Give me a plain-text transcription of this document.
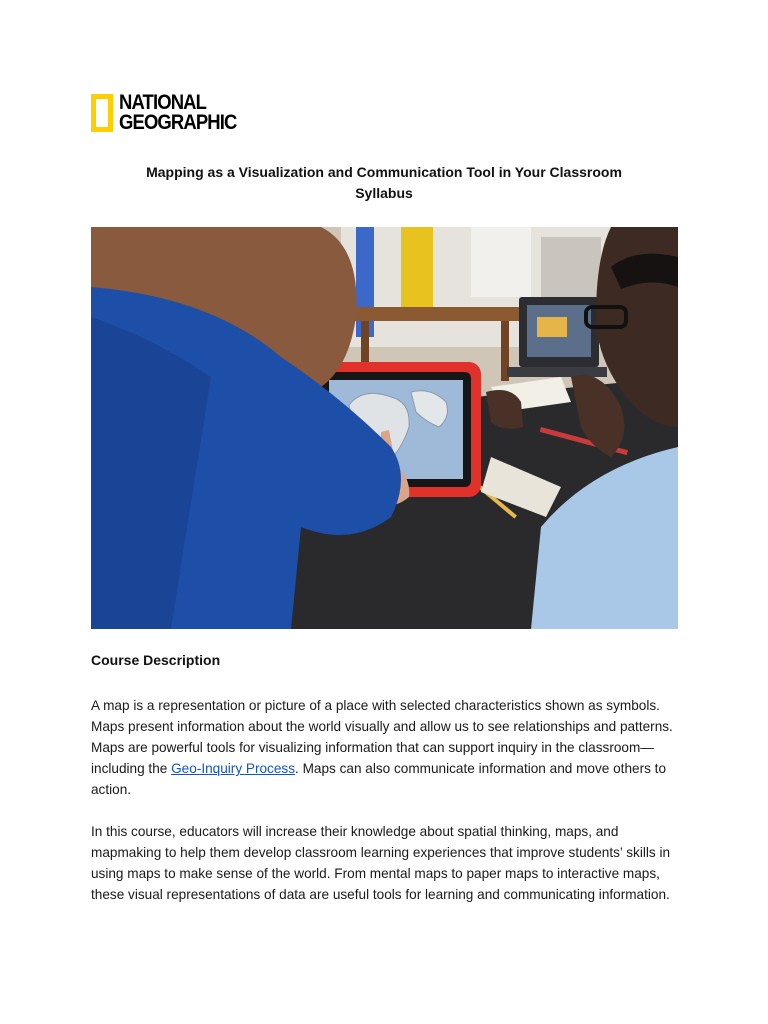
NATIONAL
GEOGRAPHIC
Mapping as a Visualization and Communication Tool in Your Classroom
Syllabus
Course Description

A map is a representation or picture of a place with selected characteristics shown as symbols. Maps present information about the world visually and allow us to see relationships and patterns. Maps are powerful tools for visualizing information that can support inquiry in the classroom—including the Geo-Inquiry Process. Maps can also communicate information and move others to action.

In this course, educators will increase their knowledge about spatial thinking, maps, and mapmaking to help them develop classroom learning experiences that improve students’ skills in using maps to make sense of the world. From mental maps to paper maps to interactive maps, these visual representations of data are useful tools for learning and communicating information.
